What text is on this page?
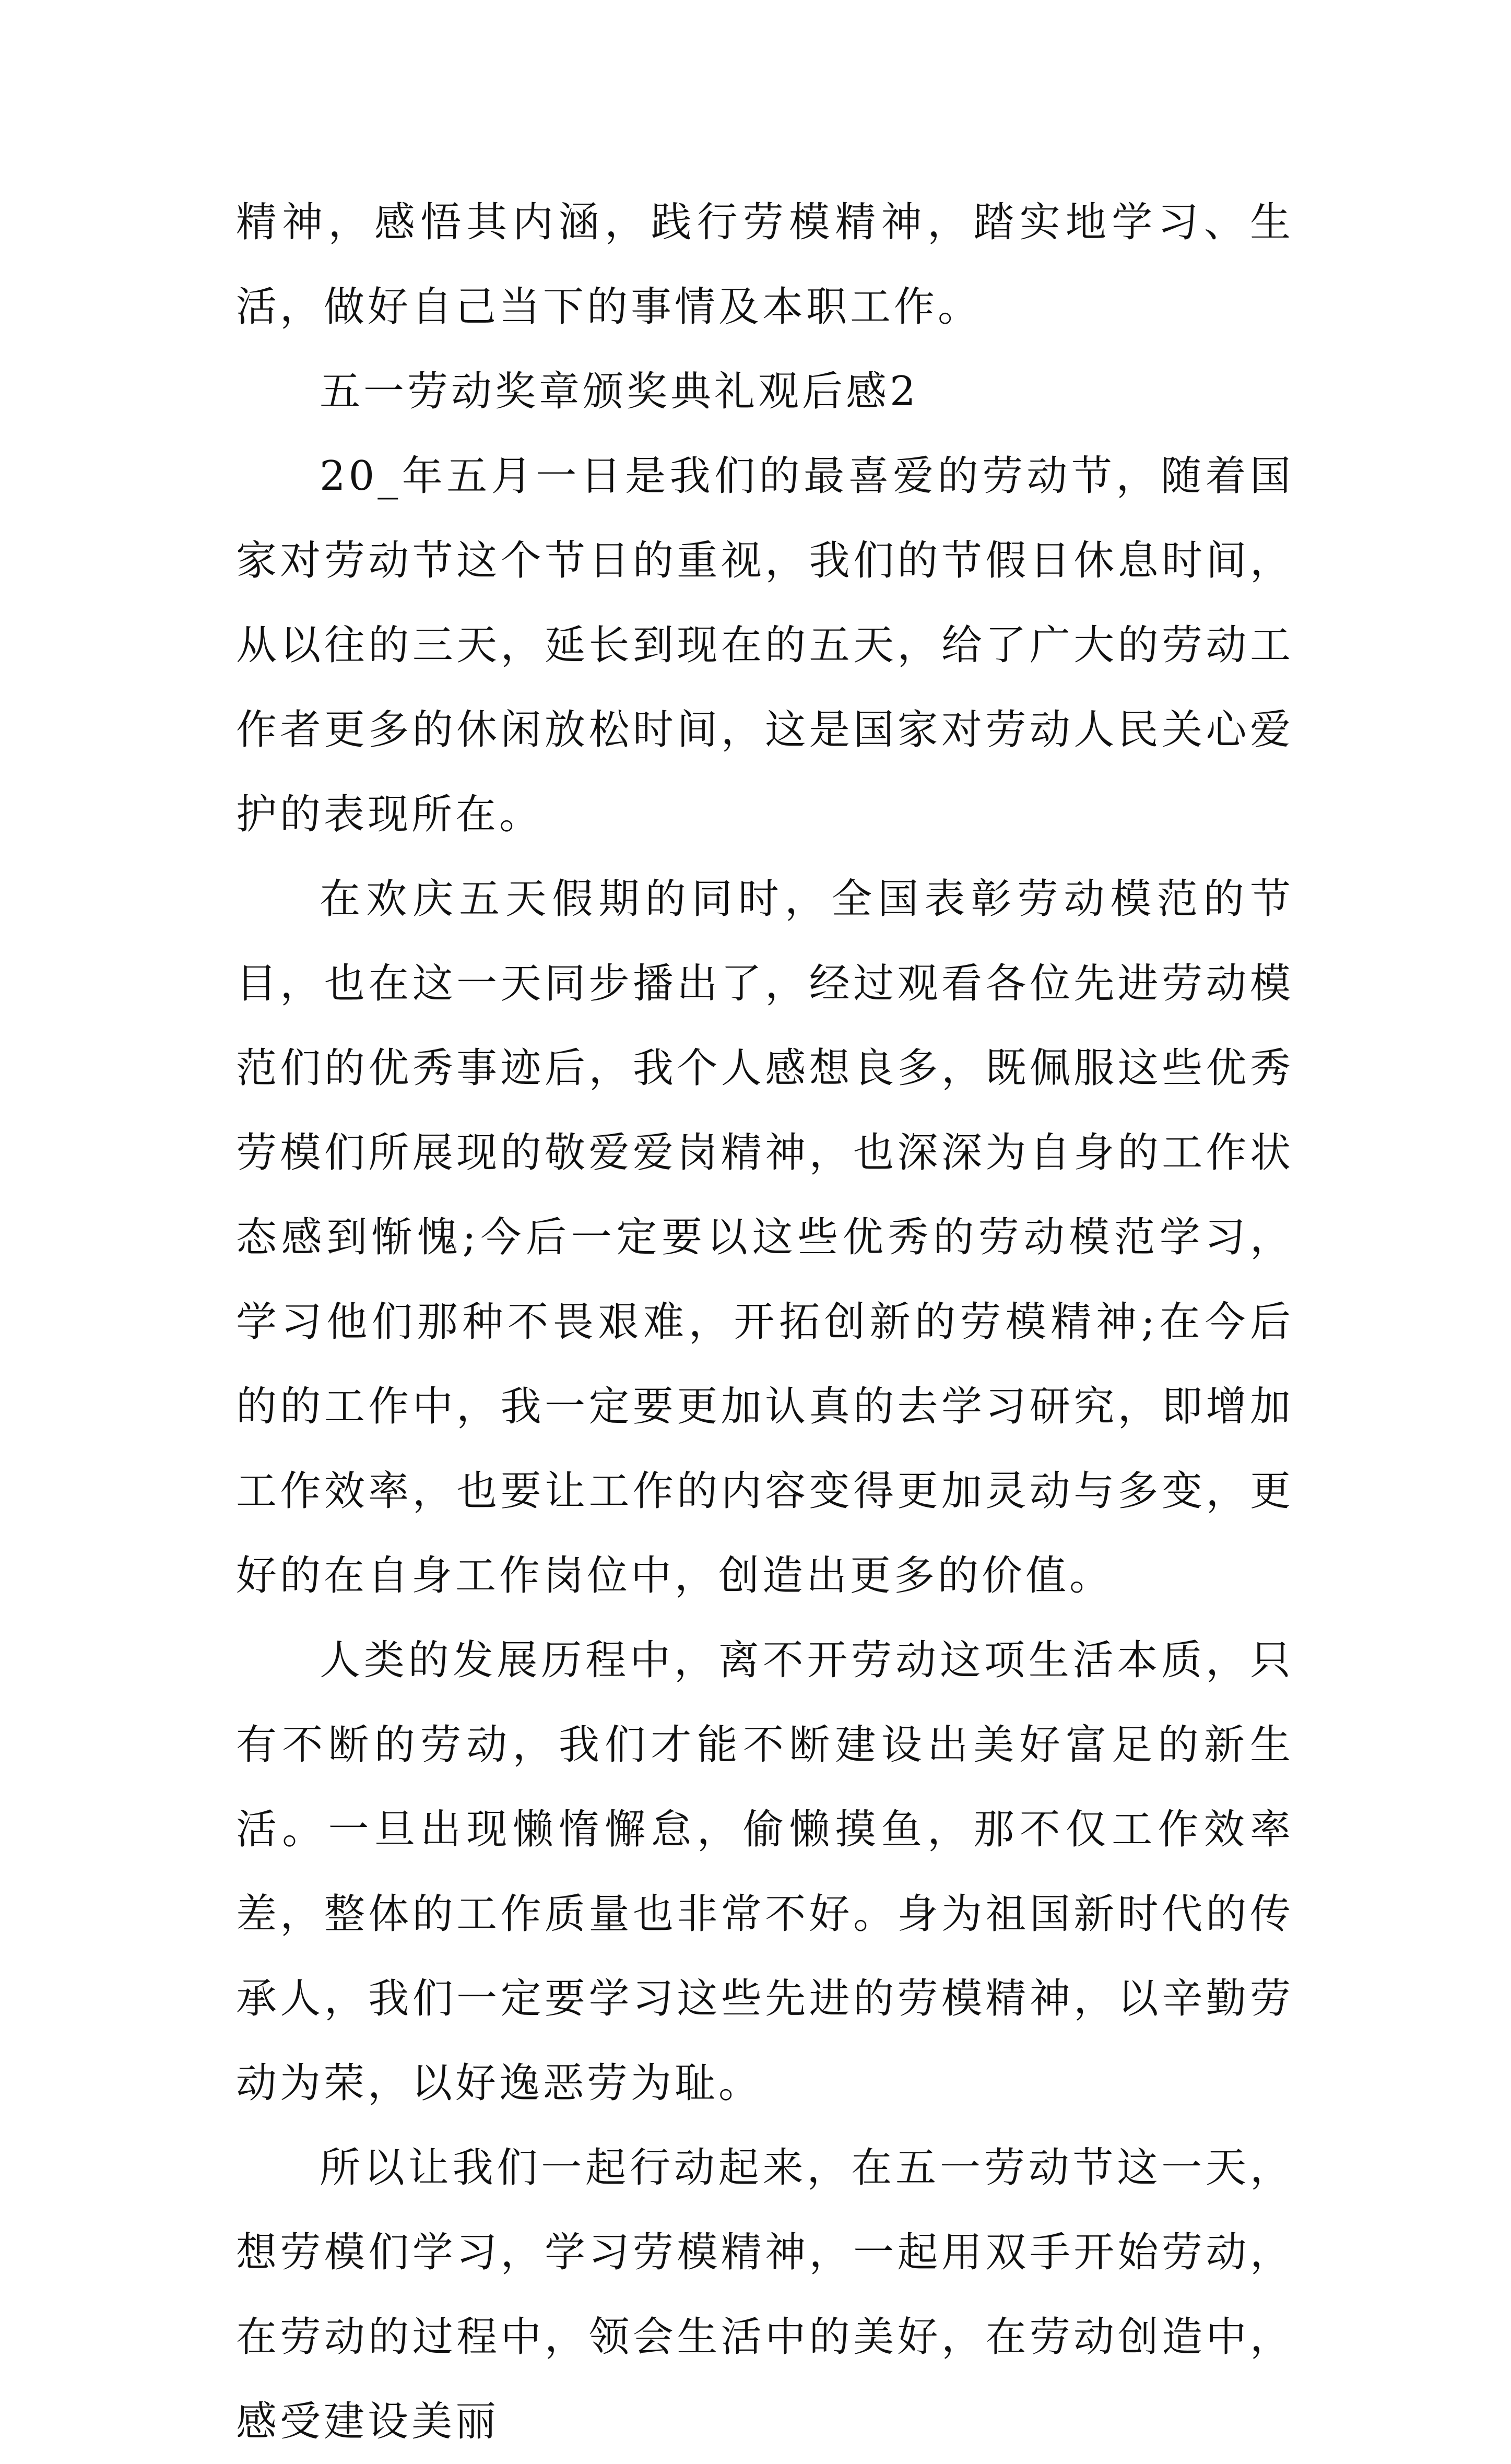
精神，感悟其内涵，践行劳模精神，踏实地学习、生活，做好自己当下的事情及本职工作。

五一劳动奖章颁奖典礼观后感2

20_年五月一日是我们的最喜爱的劳动节，随着国家对劳动节这个节日的重视，我们的节假日休息时间，从以往的三天，延长到现在的五天，给了广大的劳动工作者更多的休闲放松时间，这是国家对劳动人民关心爱护的表现所在。

在欢庆五天假期的同时，全国表彰劳动模范的节目，也在这一天同步播出了，经过观看各位先进劳动模范们的优秀事迹后，我个人感想良多，既佩服这些优秀劳模们所展现的敬爱爱岗精神，也深深为自身的工作状态感到惭愧;今后一定要以这些优秀的劳动模范学习，学习他们那种不畏艰难，开拓创新的劳模精神;在今后的的工作中，我一定要更加认真的去学习研究，即增加工作效率，也要让工作的内容变得更加灵动与多变，更好的在自身工作岗位中，创造出更多的价值。

人类的发展历程中，离不开劳动这项生活本质，只有不断的劳动，我们才能不断建设出美好富足的新生活。一旦出现懒惰懈怠，偷懒摸鱼，那不仅工作效率差，整体的工作质量也非常不好。身为祖国新时代的传承人，我们一定要学习这些先进的劳模精神，以辛勤劳动为荣，以好逸恶劳为耻。

所以让我们一起行动起来，在五一劳动节这一天，想劳模们学习，学习劳模精神，一起用双手开始劳动，在劳动的过程中，领会生活中的美好，在劳动创造中，感受建设美丽
